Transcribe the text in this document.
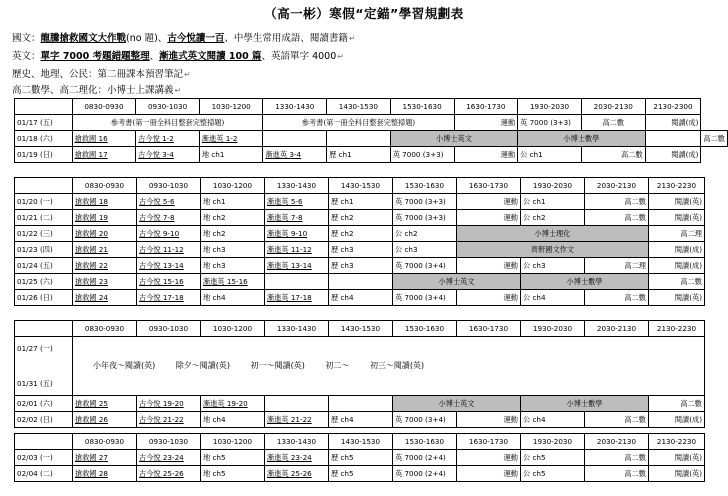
（高一彬）寒假“定錨”學習規劃表
國文：龍騰搶救國文大作戰(no 題)、古今悅讀一百、中學生常用成語、閱讀書籍↵
英文：單字 7000 考題錯題整理、漸進式英文閱讀 100 篇、英語單字 4000↵
歷史、地理、公民：第二冊課本預習筆記↵
高二數學、高二理化：小博士上課講義↵
	0830-0930	0930-1030	1030-1200	1330-1430	1430-1530	1530-1630	1630-1730	1930-2030	2030-2130	2130-2300	
01/17 (五)	參考書(第一冊全科目整套完整掃題)			參考書(第一冊全科目整套完整掃題)			運動	英 7000 (3+3)	高二數	閱讀(成)	
01/18 (六)	搶救國 16	古今悅 1-2	漸進英 1-2			小博士英文		小博士數學			高二數
01/19 (日)	搶救國 17	古今悅 3-4	地 ch1	漸進英 3-4	歷 ch1	英 7000 (3+3)	運動	公 ch1	高二數	閱讀(成)	
	0830-0930	0930-1030	1030-1200	1330-1430	1430-1530	1530-1630	1630-1730	1930-2030	2030-2130	2130-2230
01/20 (一)	搶救國 18	古今悅 5-6	地 ch1	漸進英 5-6	歷 ch1	英 7000 (3+3)	運動	公 ch1	高二數	閱讀(英)
01/21 (二)	搶救國 19	古今悅 7-8	地 ch2	漸進英 7-8	歷 ch2	英 7000 (3+3)	運動	公 ch2	高二數	閱讀(英)
01/22 (三)	搶救國 20	古今悅 9-10	地 ch2	漸進英 9-10	歷 ch2	公 ch2	小博士理化			高二理
01/23 (四)	搶救國 21	古今悅 11-12	地 ch3	漸進英 11-12	歷 ch3	公 ch3	齊軒國文作文			閱讀(成)
01/24 (五)	搶救國 22	古今悅 13-14	地 ch3	漸進英 13-14	歷 ch3	英 7000 (3+4)	運動	公 ch3	高二理	閱讀(成)
01/25 (六)	搶救國 23	古今悅 15-16	漸進英 15-16			小博士英文		小博士數學		高二數
01/26 (日)	搶救國 24	古今悅 17-18	地 ch4	漸進英 17-18	歷 ch4	英 7000 (3+4)	運動	公 ch4	高二數	閱讀(英)
	0830-0930	0930-1030	1030-1200	1330-1430	1430-1530	1530-1630	1630-1730	1930-2030	2030-2130	2130-2230

01/27 (一)
01/31 (五)	小年夜～閱讀(英) 除夕～閱讀(英) 初一～閱讀(英) 初二～ 初三～閱讀(英)									

02/01 (六)	搶救國 25	古今悅 19-20	漸進英 19-20			小博士英文		小博士數學		高二數
02/02 (日)	搶救國 26	古今悅 21-22	地 ch4	漸進英 21-22	歷 ch4	英 7000 (3+4)	運動	公 ch4	高二數	閱讀(成)
	0830-0930	0930-1030	1030-1200	1330-1430	1430-1530	1530-1630	1630-1730	1930-2030	2030-2130	2130-2230
02/03 (一)	搶救國 27	古今悅 23-24	地 ch5	漸進英 23-24	歷 ch5	英 7000 (2+4)	運動	公 ch5	高二數	閱讀(英)
02/04 (二)	搶救國 28	古今悅 25-26	地 ch5	漸進英 25-26	歷 ch5	英 7000 (2+4)	運動	公 ch5	高二數	閱讀(英)
